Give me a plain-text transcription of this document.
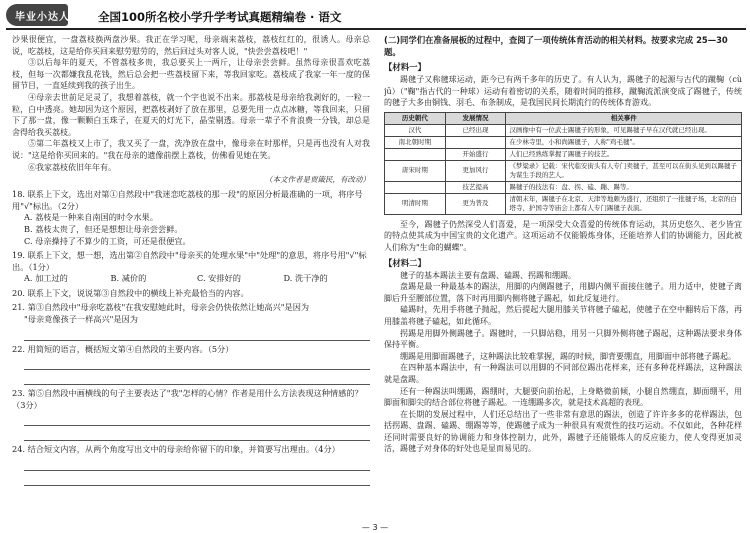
毕业小达人 全国100所名校小学升学考试真题精编卷 · 语文

沙果很便宜，一盘荔枝换两盘沙果。我正在学习呢，母亲端来荔枝，荔枝红红的，很诱人。母亲总说，吃荔枝，这是给你买回来慰劳慰劳的，然后回过头对客人说，"快尝尝荔枝吧！"

③以后每年的夏天，不管荔枝多贵，我总要买上一两斤，让母亲尝尝鲜。虽然母亲很喜欢吃荔枝，但每一次都嫌我乱花钱，然后总会把一些荔枝留下来，等我回家吃。荔枝成了我家一年一度的保留节目，一直延续到我的孩子出生。

④母亲去世前足足灵了，我想着荔枝，就一个字也说不出来。那荔枝是母亲给我剥好的，一粒一粒，白中透亮。她却因为这个原因，把荔枝剥好了放在那里，总要先用一点点冰糖，等我回来，只留下了那一盘，像一颗颗白玉珠子，在夏天的灯光下，晶莹剔透。母亲一辈子不肯浪费一分钱，却总是舍得给我买荔枝。

⑤第二年荔枝又上市了，我又买了一盘，洗净放在盘中，像母亲在时那样，只是再也没有人对我说："这是给你买回来的。"我在母亲的遗像前摆上荔枝，仿佛看见她在笑。

⑥我家荔枝依旧年年有。

（本文作者是贾箴民，有改动）

18. 联系上下文，选出对第①自然段中"我迷恋吃荔枝的那一段"的原因分析最准确的一项，将序号用"√"标出。（2分）

A. 荔枝是一种来自南国的时令水果。

B. 荔枝太贵了，但还是想想让母亲尝尝鲜。

C. 母亲操持了不算少的工资，可还是很便宜。

19. 联系上下文，想一想，选出第②自然段中"母亲买的处理水果"中"处理"的意思，将序号用"√"标出。（1分）

A. 加工过的	B. 减价的	C. 安排好的	D. 洗干净的

20. 联系上下文，说说第③自然段中的横线上补充最恰当的内容。

21. 第③自然段中"母亲吃荔枝"在我安慰她此时，母亲会仍快依然让她高兴"是因为

"母亲竟像孩子一样高兴"是因为

22. 用简短的语言，概括短文第④自然段的主要内容。（5分）

23. 第⑤自然段中画横线的句子主要表达了"我"怎样的心情？作者是用什么方法表现这种情感的？（3分）

24. 结合短文内容，从两个角度写出文中的母亲给你留下的印象，并简要写出理由。（4分）

(二)同学们在准备展板的过程中，查阅了一项传统体育活动的相关材料。按要求完成 25—30 题。

【材料一】

踢毽子又称毽球运动，距今已有两千多年的历史了。有人认为，踢毽子的起源与古代的蹴鞠（cù jū）（"鞠"指古代的一种球）运动有着密切的关系，随着时间的推移，蹴鞠流派演变成了踢毽子，传统的毽子大多由铜钱、羽毛、布条制成，是我国民间长期流行的传统体育游戏。

历史朝代	发展情况	相关事件
汉代	已经出现	汉画像中有一位武士踢毽子的形象，可见踢毽子早在汉代就已经出现。
南北朝时期		在少林寺里，小和尚踢毽子，人称"鸡毛毽"。
	开始盛行	人们已经熟练掌握了踢毽子的技艺。
唐宋时期	更加风行	《梦粱录》记载：宋代临安街头有人专门卖毽子，甚至可以在街头见到以踢毽子为谋生手段的艺人。
	技艺提高	踢毽子的技法有：盘、拐、磕、蹦、踢等。
明清时期	更为普及	清朝末年，踢毽子在北京、天津等地颇为盛行，还组织了一批毽子场，北京的白塔寺、护国寺等庙会上都有人专门踢毽子表演。

至今，踢毽子仍然深受人们喜爱，是一项深受大众喜爱的传统体育运动，其历史悠久、老少皆宜的特点使其成为中国宝贵的文化遗产。这项运动不仅能锻炼身体，还能培养人们的协调能力，因此被人们称为"生命的蝴蝶"。

【材料二】

毽子的基本踢法主要有盘踢、磕踢、拐踢和绷踢。

盘踢是最一种最基本的踢法，用脚的内侧踢毽子，用脚内侧平面接住毽子。用力适中，使毽子离脚后升至腰部位置，落下时再用脚内侧将毽子踢起，如此反复进行。

磕踢时，先用手将毽子抛起，然后提起大腿用膝关节将毽子磕起，使毽子在空中翻转后下落，再用膝盖将毽子磕起，如此循环。

拐踢是用脚外侧踢毽子。踢毽时，一只脚站稳，用另一只脚外侧将毽子踢起，这种踢法要求身体保持平衡。

绷踢是用脚面踢毽子，这种踢法比较难掌握，踢的时候，脚背要绷直，用脚面中部将毽子踢起。

在四种基本踢法中，有一种踢法可以用脚的不同部位踢出花样来，还有多种花样踢法，这种踢法就是盘踢。

还有一种踢法叫绷踢，踢绷时，大腿要向前抬起，上身略微前倾，小腿自然绷直，脚面绷平，用脚面和脚尖的结合部位将毽子踢起。一连绷踢多次，就是技术高超的表现。

在长期的发展过程中，人们还总结出了一些非常有意思的踢法，创造了许许多多的花样踢法，包括拐踢、盘踢、磕踢、绷踢等等，使踢毽子成为一种很具有观赏性的技巧运动。不仅如此，各种花样还同时需要良好的协调能力和身体控制力，此外，踢毽子还能锻炼人的反应能力，使人变得更加灵活，踢毽子对身体的好处也是显而易见的。

— 3 —
